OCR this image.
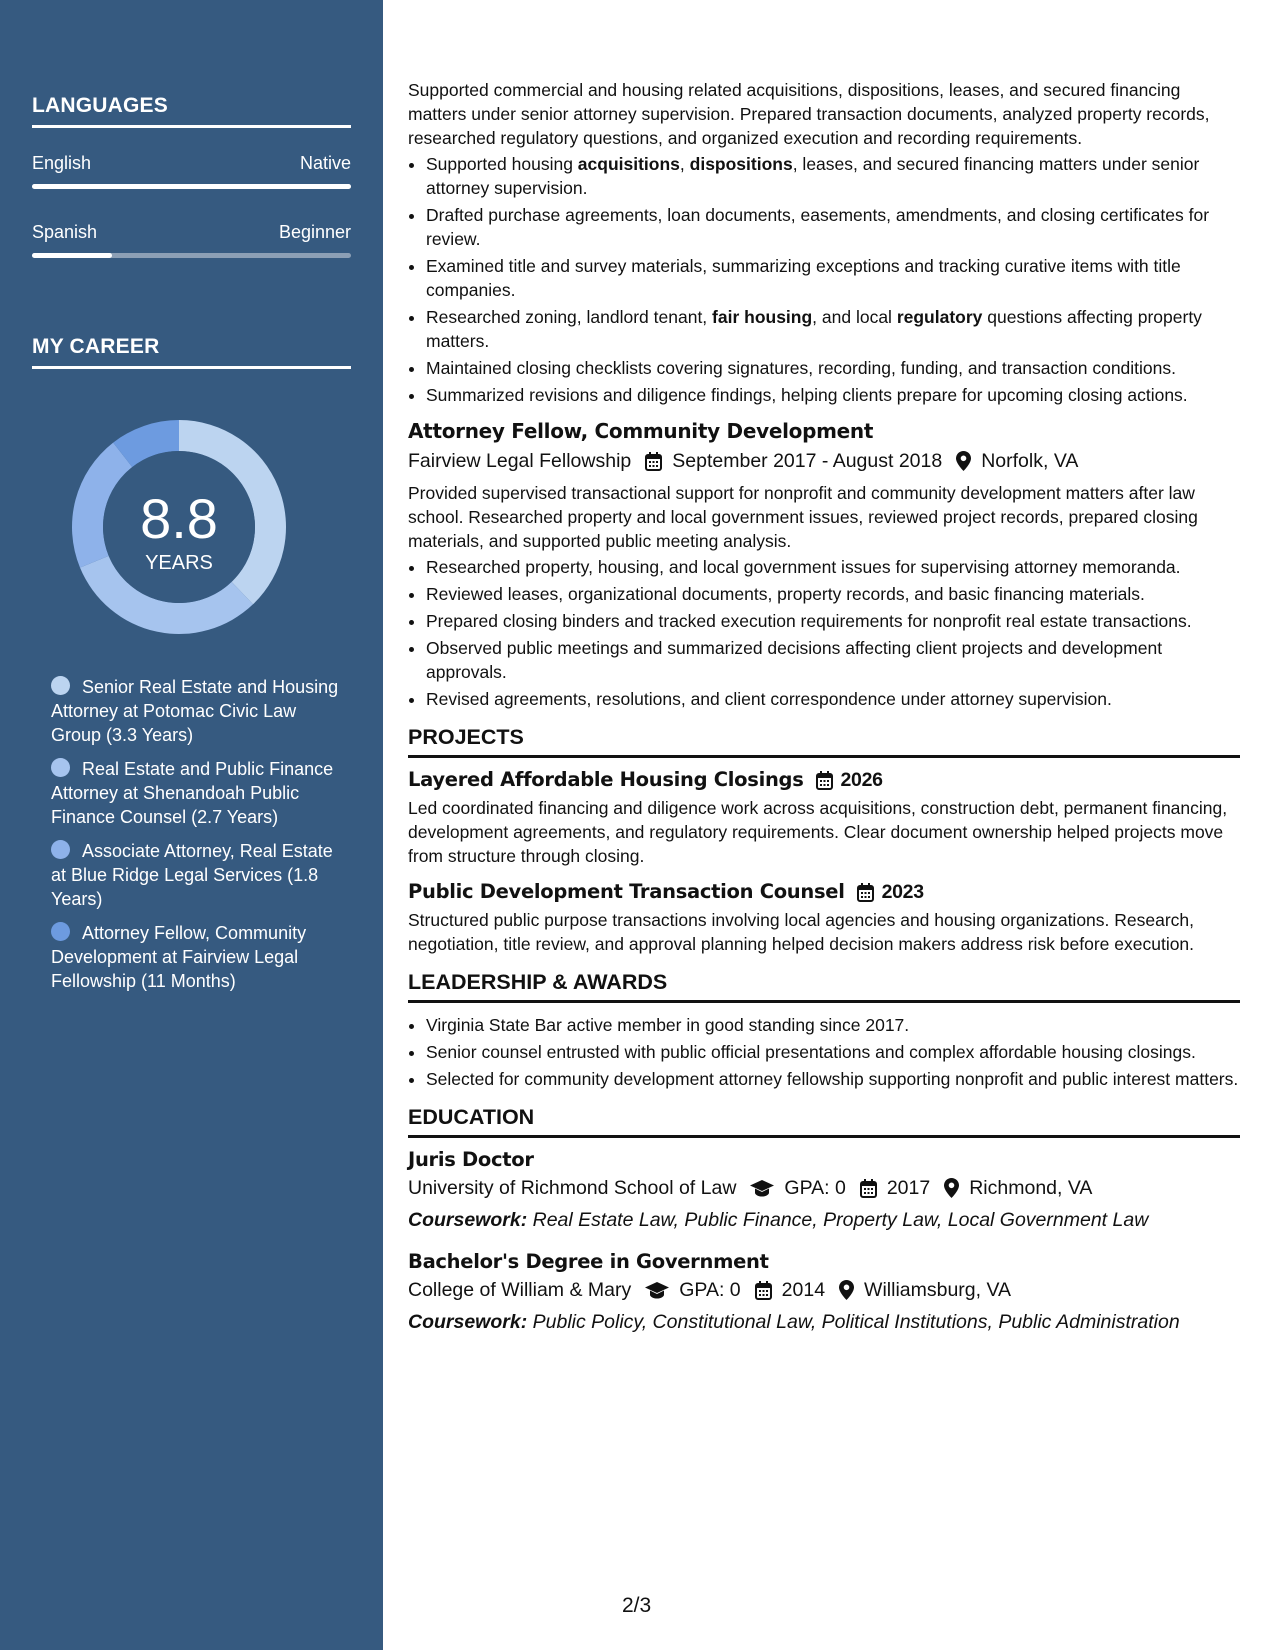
LANGUAGES
English	Native
Spanish	Beginner
MY CAREER
8.8
YEARS
Senior Real Estate and Housing Attorney at Potomac Civic Law Group (3.3 Years)
Real Estate and Public Finance Attorney at Shenandoah Public Finance Counsel (2.7 Years)
Associate Attorney, Real Estate at Blue Ridge Legal Services (1.8 Years)
Attorney Fellow, Community Development at Fairview Legal Fellowship (11 Months)

Supported commercial and housing related acquisitions, dispositions, leases, and secured financing matters under senior attorney supervision. Prepared transaction documents, analyzed property records, researched regulatory questions, and organized execution and recording requirements.

• Supported housing acquisitions, dispositions, leases, and secured financing matters under senior attorney supervision.
• Drafted purchase agreements, loan documents, easements, amendments, and closing certificates for review.
• Examined title and survey materials, summarizing exceptions and tracking curative items with title companies.
• Researched zoning, landlord tenant, fair housing, and local regulatory questions affecting property matters.
• Maintained closing checklists covering signatures, recording, funding, and transaction conditions.
• Summarized revisions and diligence findings, helping clients prepare for upcoming closing actions.
Attorney Fellow, Community Development
Fairview Legal Fellowship September 2017 - August 2018 Norfolk, VA

Provided supervised transactional support for nonprofit and community development matters after law school. Researched property and local government issues, reviewed project records, prepared closing materials, and supported public meeting analysis.

• Researched property, housing, and local government issues for supervising attorney memoranda.
• Reviewed leases, organizational documents, property records, and basic financing materials.
• Prepared closing binders and tracked execution requirements for nonprofit real estate transactions.
• Observed public meetings and summarized decisions affecting client projects and development approvals.
• Revised agreements, resolutions, and client correspondence under attorney supervision.
PROJECTS
Layered Affordable Housing Closings 2026

Led coordinated financing and diligence work across acquisitions, construction debt, permanent financing, development agreements, and regulatory requirements. Clear document ownership helped projects move from structure through closing.

Public Development Transaction Counsel 2023

Structured public purpose transactions involving local agencies and housing organizations. Research, negotiation, title review, and approval planning helped decision makers address risk before execution.

LEADERSHIP & AWARDS
• Virginia State Bar active member in good standing since 2017.
• Senior counsel entrusted with public official presentations and complex affordable housing closings.
• Selected for community development attorney fellowship supporting nonprofit and public interest matters.
EDUCATION
Juris Doctor
University of Richmond School of Law GPA: 0 2017 Richmond, VA

Coursework: Real Estate Law, Public Finance, Property Law, Local Government Law

Bachelor's Degree in Government
College of William & Mary GPA: 0 2014 Williamsburg, VA

Coursework: Public Policy, Constitutional Law, Political Institutions, Public Administration

2/3
